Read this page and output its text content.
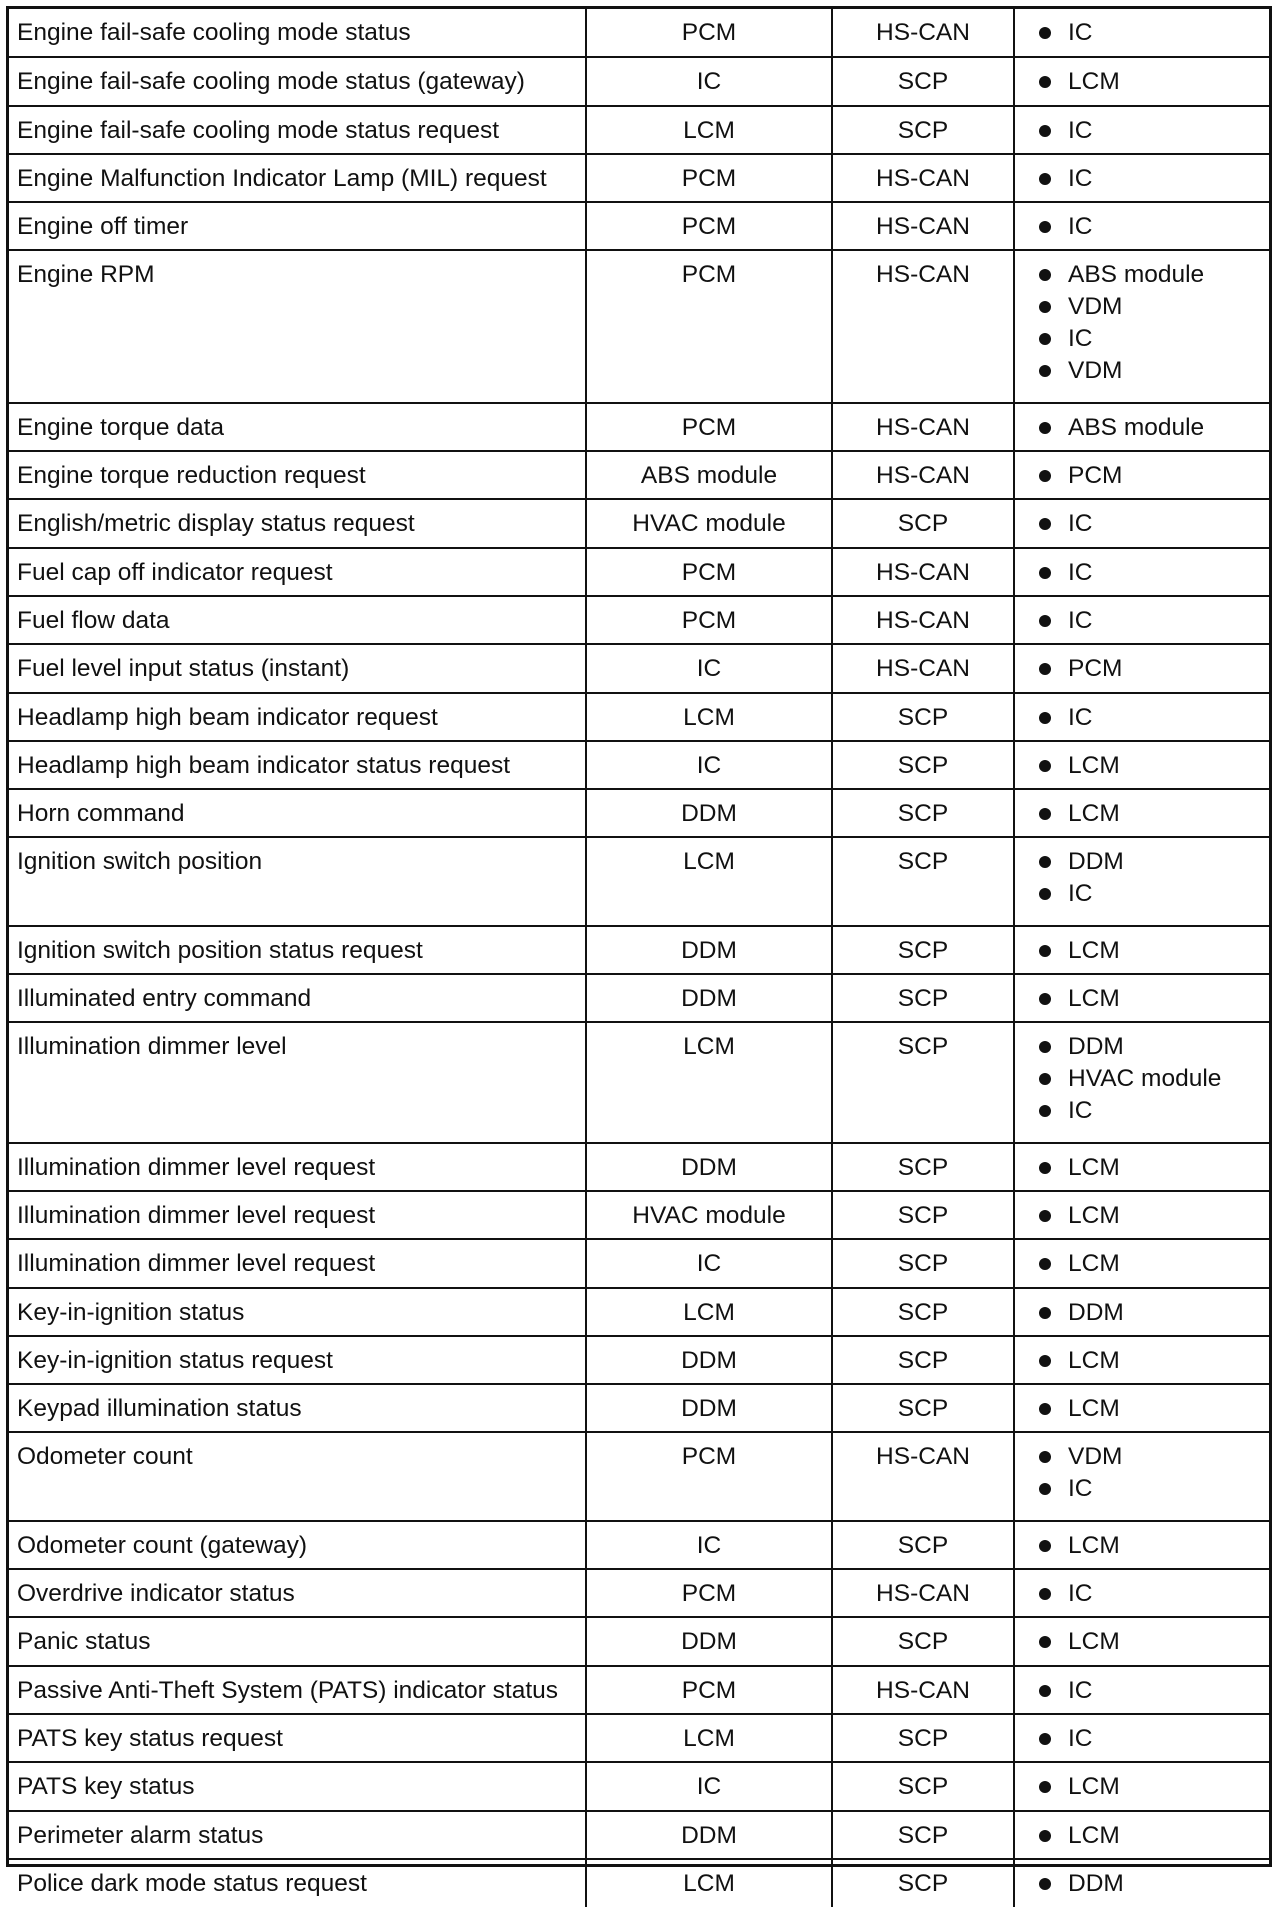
Engine fail-safe cooling mode status	PCM	HS-CAN	IC

Engine fail-safe cooling mode status (gateway)	IC	SCP	LCM

Engine fail-safe cooling mode status request	LCM	SCP	IC

Engine Malfunction Indicator Lamp (MIL) request	PCM	HS-CAN	IC

Engine off timer	PCM	HS-CAN	IC

Engine RPM	PCM	HS-CAN	ABS module
VDM
IC
VDM

Engine torque data	PCM	HS-CAN	ABS module

Engine torque reduction request	ABS module	HS-CAN	PCM

English/metric display status request	HVAC module	SCP	IC

Fuel cap off indicator request	PCM	HS-CAN	IC

Fuel flow data	PCM	HS-CAN	IC

Fuel level input status (instant)	IC	HS-CAN	PCM

Headlamp high beam indicator request	LCM	SCP	IC

Headlamp high beam indicator status request	IC	SCP	LCM

Horn command	DDM	SCP	LCM

Ignition switch position	LCM	SCP	DDM
IC

Ignition switch position status request	DDM	SCP	LCM

Illuminated entry command	DDM	SCP	LCM

Illumination dimmer level	LCM	SCP	DDM
HVAC module
IC

Illumination dimmer level request	DDM	SCP	LCM

Illumination dimmer level request	HVAC module	SCP	LCM

Illumination dimmer level request	IC	SCP	LCM

Key-in-ignition status	LCM	SCP	DDM

Key-in-ignition status request	DDM	SCP	LCM

Keypad illumination status	DDM	SCP	LCM

Odometer count	PCM	HS-CAN	VDM
IC

Odometer count (gateway)	IC	SCP	LCM

Overdrive indicator status	PCM	HS-CAN	IC

Panic status	DDM	SCP	LCM

Passive Anti-Theft System (PATS) indicator status	PCM	HS-CAN	IC

PATS key status request	LCM	SCP	IC

PATS key status	IC	SCP	LCM

Perimeter alarm status	DDM	SCP	LCM

Police dark mode status request	LCM	SCP	DDM
